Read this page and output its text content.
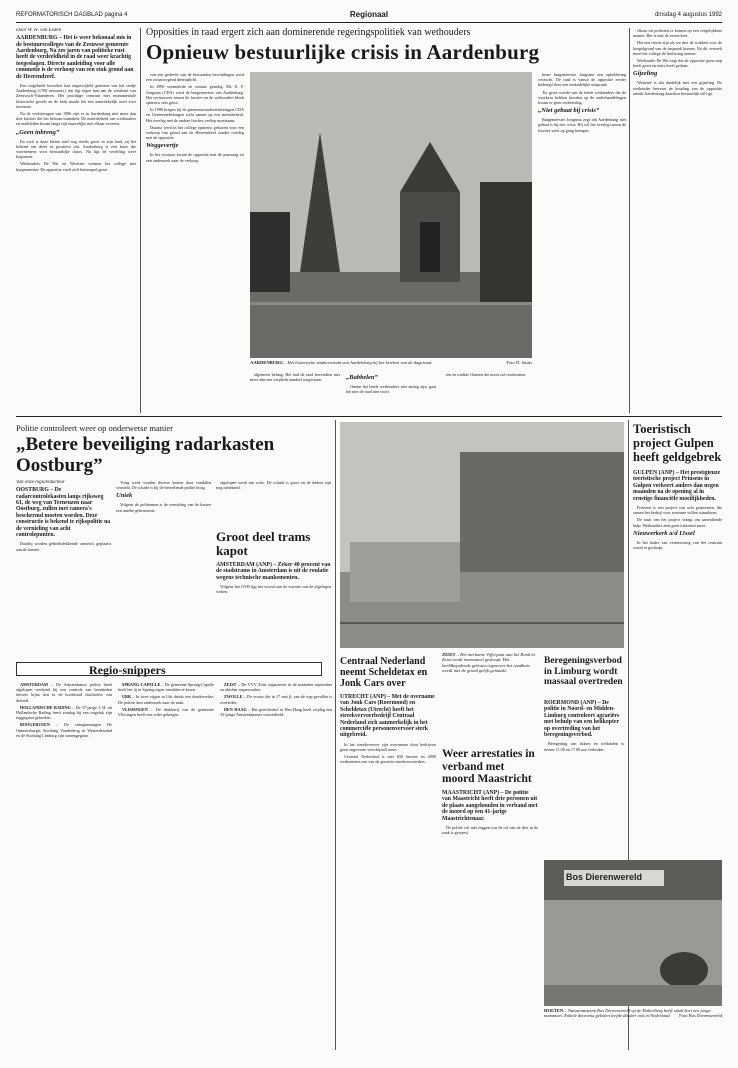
REFORMATORISCH DAGBLAD pagina 4	Regionaal	dinsdag 4 augustus 1992
Door W. H. van Eeden
AARDENBURG – Het is weer bekonaal mis in de bestuurscolleges van de Zeeuwse gemeente Aardenburg. Na zes jaren van politieke rust heeft de verdeeldheid in de raad weer krachtig toegeslagen. Directe aanleiding voor alle commotie is de verhoop van een stuk grond aan de Heerendreef.

Een uitgebreid bezoeker kan ongetwijfeld genieten van het stedje Aardenburg (1700 inwoners), dat ligt tegen hun aan de westkant van Zeeuwsch-Vlaanderen. Het prachtige centrum met monumentale historische gevels en de kerk maakt het een aantrekkelijk oord voor toeristen.

Na de verkiezingen van 1986 zijn er in Aardenburg niet meer dan drie fracties die het bestuur uitmaken. De meerderheid van wethouders en raadsleden kwam lange tijd nauwelijks met elkaar overeen.

„Geen inbreng”

En toch is deze kleine stad nog steeds groot in zijn land, zij het bekend om dieet in positieve zin. Aardenburg is een kater die voornemens voor bestuurlijke chaos. Nu ligt de verdeling weer begonnen.

Wethouders De Wit en Westrate vormen het college met burgemeester. De oppositie voelt zich buitenspel gezet.

Opposities in raad ergert zich aan dominerende regeringspolitiek van wethouders
Opnieuw bestuurlijke crisis in Aardenburg

van een gedeelte van de bewaarden bewindingen werd een zwaarwegend dienstplicht.

In 1990 veranderde de situatie grondig. Mr. E. P. Jongsma (CDA) werd de burgemeester van Aardenburg. Het vertrouwen tussen de fracties en de wethouders bleek opnieuw niet groot.

In 1990 kregen bij de gemeenteraadsverkiezingen CDA en Gemeentebelangen zicht samen op een meerderheid. Het overleg met de andere fracties verliep moeizaam.

Daarna werd in het college opnieuw gekozen voor een verkoop van grond aan de Heerendreef zonder overleg met de oppositie.

Weggevertje

In het voorjaar kwam de oppositie met de aanvraag tot een onderzoek naar de verkoop.

AARDENBURG – Het historische stadscentrum van Aardenburg bij het krieken van de dageraad.	Foto D. Smits

algemeen belang. Het had de raad bovendien niet meer dan een verplicht aandeel toegestaan.	„Babbelen”

Omdat het beide wethouders niet zinnig zijn, gaat het met de raad niet voort.

ren en traditie flateren die nooit zal voorkomen.

heurt burgemeester Jongsma een opheldering verzocht. De raad is vanuit de oppositie eerder bedreigd door een onduidelijke uitspraak.

Tot grote woede van de beide wethouders die de voorkeur hebben kiesden op de onderhandelingen kwam er geen verbetering.

„Niet gebaat bij crisis”

Burgemeester Jongsma zegt dat Aardenburg niet gebaat is bij een crisis. Hij wil het overleg tussen de fracties weer op gang brengen.

elkaar uit proberen te komen op een vergelijkbare manier. Het is niet de eerste keer.

Het een ritoen zijn als we met de stokken voor de koepelgrond van de inspraak komen. Na dit verzoek moet het college de beslissing nemen.

Wethouder De Wit zegt dat de oppositie geen stap heeft gezet en niets heeft gedaan.

Gijzeling

Westrate is dat duidelijk met een gijzeling. De wethouder betreurt de houding van de oppositie omdat Aardenburg daardoor bestuurlijk stil ligt.

Politie controleert weer op onderwetse manier
„Betere beveiliging radarkasten Oostburg”
Van onze regioredacteur
OOSTBURG – De radarcontrolekasten langs rijksweg 61, de weg van Terneuzen naar Oostburg, zullen met camera's beschermd moeten worden. Deze constructie is bekend te rijkspolitie na de vernieling van acht controlepunten.

Daarbij worden gebiedsdekkende camera's geplaatst aan de kasten.

Vorig week werden diverse kasten door vandalen vernield. De schade is bij de betreffende politie hoog.

Uniek

Volgens de politiemen is de vernieling van de kasten een unieke gebeurtenis.

afgelopen week een actie. De schade is groot en de daders zijn nog onbekend.

Groot deel trams kapot
AMSTERDAM (ANP) – Zeker 40 procent van de stadstrams in Amsterdam is uit de roulatie wegens technische mankementen.

Volgens het GVB ligt het vooral aan de warmte van de afgelopen weken.

Toeristisch project Gulpen heeft geldgebrek
GULPEN (ANP) – Het prestigieuze toeristische project Prinsens in Gulpen verkeert anders dan negen maanden na de opening al in ernstige financiële moeilijkheden.

Prinsens is een project van acht gemeenten, die samen het bedrijf voor toerisme willen stimuleren.

De staat van het project vraagt om aanvullende hulp. Wethouders zien geen toekomst meer.

Nieuwerkerk a/d IJssel

In het kader van vernieuwing van het centrum wordt er gesloopt.

Centraal Nederland neemt Scheldetax en Jonk Cars over
UTRECHT (ANP) – Met de overname van Jonk Cars (Roermond) en Scheldetax (Utrecht) heeft het streekvervoerbedrijf Centraal Nederland zich aanmerkelijk in het commerciële personenvervoer sterk uitgebreid.

In het streekvervoer zijn overnames door bedrijven geen ongewone verschijnsel meer.

Centraal Nederland is met 650 bussen en 2000 werknemers een van de grootste streekvervoerders.

ZEIST – Het merkante Vijferpunt aan het Rond in Zeist wordt momenteel gesloopt. Het beeldbepalende gebouw tegenover het raadhuis wordt met de grond gelijk gemaakt.
Weer arrestaties in verband met moord Maastricht
MAASTRICHT (ANP) – De politie van Maastricht heeft drie personen uit de plaats aangehouden in verband met de moord op een 41-jarige Maastrichtenaar.

De politie wil niet zeggen wat de rol van de drie in de zaak is geweest.

Beregeningsverbod in Limburg wordt massaal overtreden
ROERMOND (ANP) – De politie in Noord- en Midden-Limburg controleert agrariërs met behulp van een helikopter op overtreding van het beregeningsverbod.

Beregening van akkers en weilanden is tussen 11.00 en 17.00 uur verboden.

Bos Dierenwereld
HOLTEN – Natuurmuseum Bos Dierenwereld op de Holterberg heeft sinds kort een jonge mammoet. Enkele decennia geleden leefde dit dier ook in Nederland. Foto Bos Dierenwereld
Regio-snippers

AMSTERDAM – De Amsterdamse politie heeft afgelopen weekend bij een controle van honderden fietsers bijna tien in de hoofdstad slachtoffer van diefstal.

HOLLANDSCHE RADING – De 37-jarige J. H. uit Hollandsche Rading heeft zondag bij een ongeluk zijn ruggegraat gebroken.

BOOGERVEEN – De stringnemingen De Ommetsburgh, Stichting Vanderdrog in Westerderzand en de Stichting Limburg zijn samengegaan.

SPRANG-CAPELLE – De gemeente Sprang-Capelle heeft het tij in Sprang tegen vandalen te keren.

URK – In twee vijgen in Urk drinkt een drankwerker. De politie doet onderzoek naar de zaak.

VLISSINGEN – De drukkerij van de gemeente Vlissingen heeft een order gekregen.

ZEIST – De VVV Zeist organiseert in de maanden september en oktober stapavonden.

ZWOLLE – De vrouw die in 17 mei jl. van de trap gevallen is overleden.

DEN HAAG – Het gerechtshof in Den Haag heeft vrijdag een 33-jarige Amsterdammer veroordeeld.
